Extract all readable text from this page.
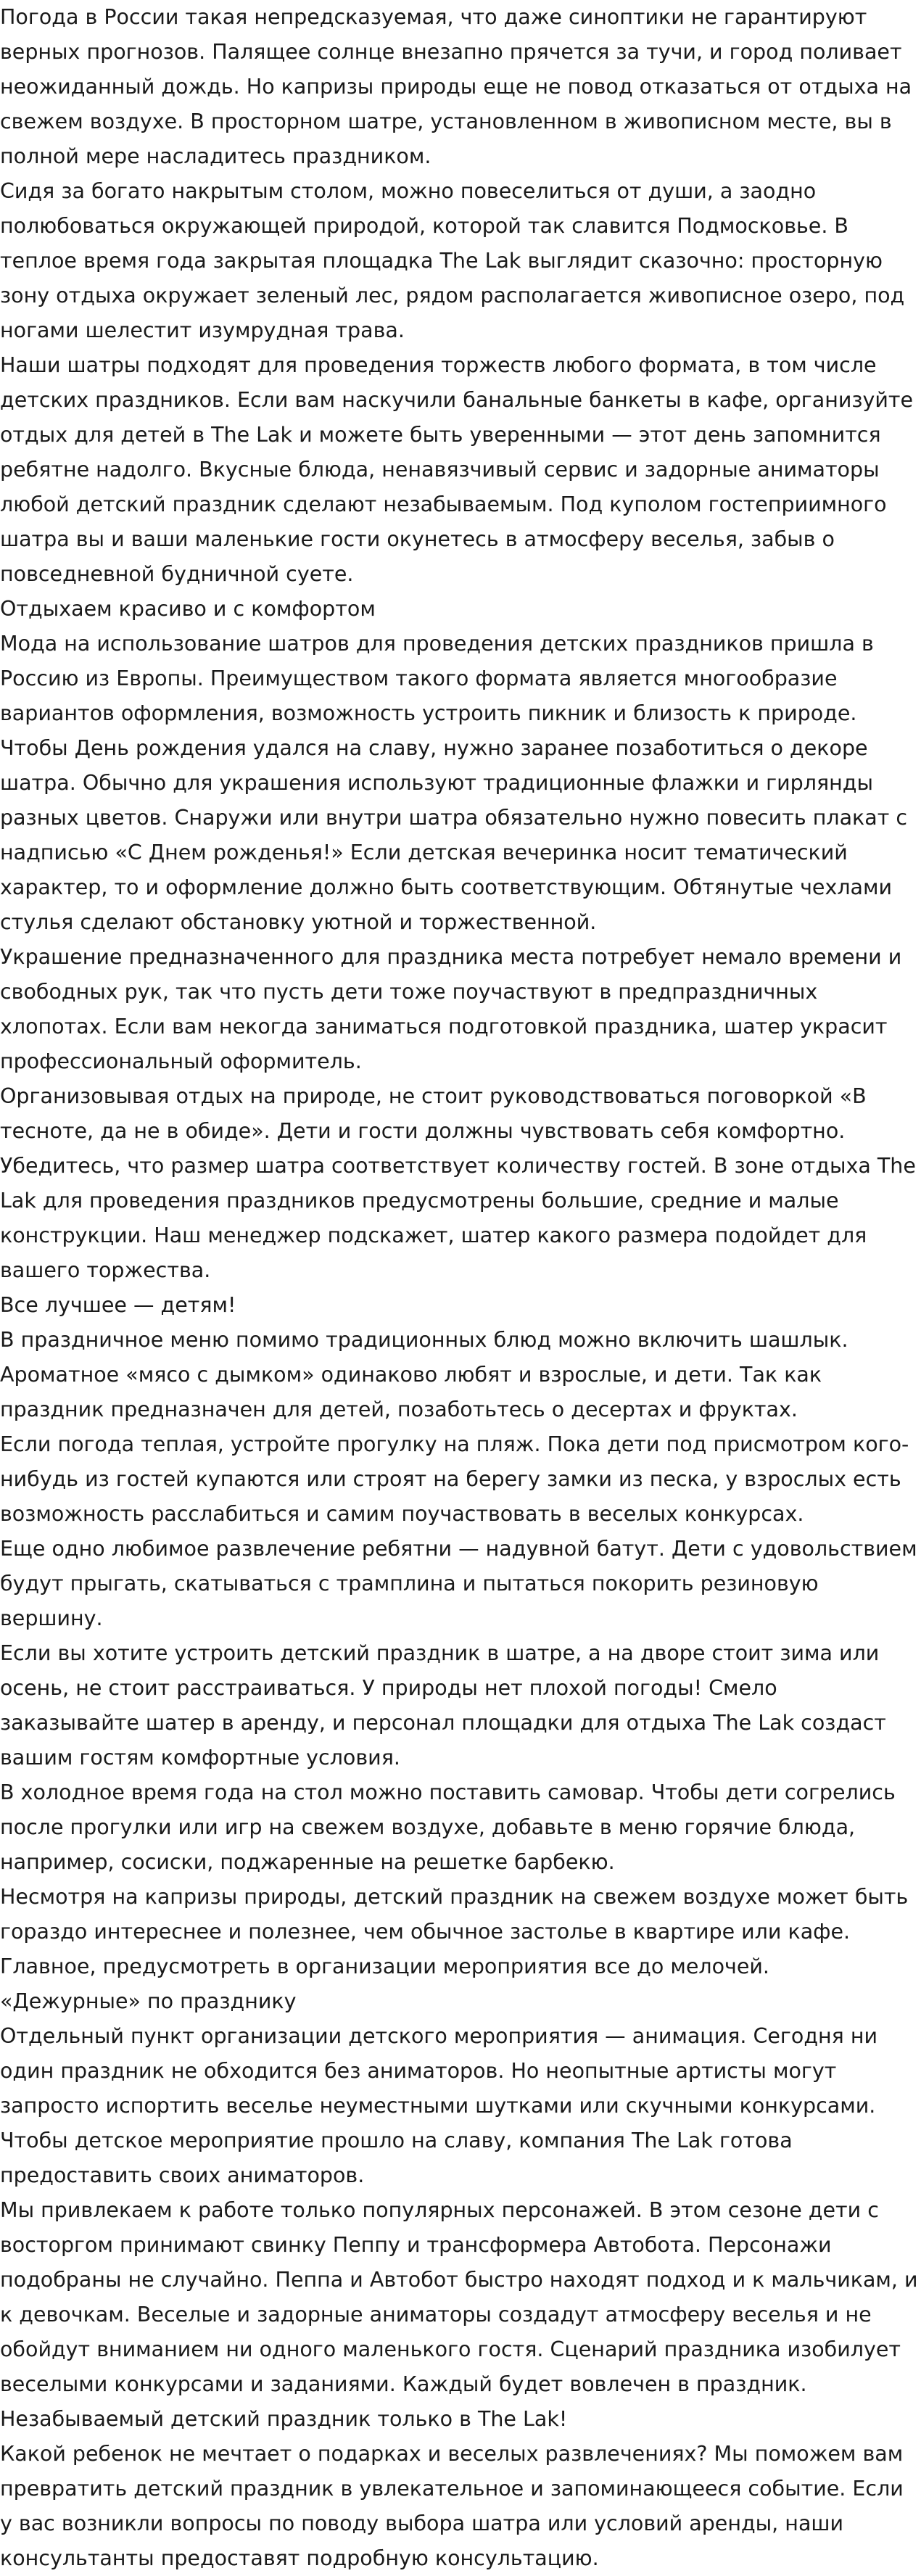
Погода в России такая непредсказуемая, что даже синоптики не гарантируют верных прогнозов. Палящее солнце внезапно прячется за тучи, и город поливает неожиданный дождь. Но капризы природы еще не повод отказаться от отдыха на свежем воздухе. В просторном шатре, установленном в живописном месте, вы в полной мере насладитесь праздником.

Сидя за богато накрытым столом, можно повеселиться от души, а заодно полюбоваться окружающей природой, которой так славится Подмосковье. В теплое время года закрытая площадка The Lak выглядит сказочно: просторную зону отдыха окружает зеленый лес, рядом располагается живописное озеро, под ногами шелестит изумрудная трава.

Наши шатры подходят для проведения торжеств любого формата, в том числе детских праздников. Если вам наскучили банальные банкеты в кафе, организуйте отдых для детей в The Lak и можете быть уверенными — этот день запомнится ребятне надолго. Вкусные блюда, ненавязчивый сервис и задорные аниматоры любой детский праздник сделают незабываемым. Под куполом гостеприимного шатра вы и ваши маленькие гости окунетесь в атмосферу веселья, забыв о повседневной будничной суете.

Отдыхаем красиво и с комфортом

Мода на использование шатров для проведения детских праздников пришла в Россию из Европы. Преимуществом такого формата является многообразие вариантов оформления, возможность устроить пикник и близость к природе.

Чтобы День рождения удался на славу, нужно заранее позаботиться о декоре шатра. Обычно для украшения используют традиционные флажки и гирлянды разных цветов. Снаружи или внутри шатра обязательно нужно повесить плакат с надписью «С Днем рожденья!» Если детская вечеринка носит тематический характер, то и оформление должно быть соответствующим. Обтянутые чехлами стулья сделают обстановку уютной и торжественной.

Украшение предназначенного для праздника места потребует немало времени и свободных рук, так что пусть дети тоже поучаствуют в предпраздничных хлопотах. Если вам некогда заниматься подготовкой праздника, шатер украсит профессиональный оформитель.

Организовывая отдых на природе, не стоит руководствоваться поговоркой «В тесноте, да не в обиде». Дети и гости должны чувствовать себя комфортно. Убедитесь, что размер шатра соответствует количеству гостей. В зоне отдыха The Lak для проведения праздников предусмотрены большие, средние и малые конструкции. Наш менеджер подскажет, шатер какого размера подойдет для вашего торжества.

Все лучшее — детям!

В праздничное меню помимо традиционных блюд можно включить шашлык. Ароматное «мясо с дымком» одинаково любят и взрослые, и дети. Так как праздник предназначен для детей, позаботьтесь о десертах и фруктах.

Если погода теплая, устройте прогулку на пляж. Пока дети под присмотром кого-нибудь из гостей купаются или строят на берегу замки из песка, у взрослых есть возможность расслабиться и самим поучаствовать в веселых конкурсах.

Еще одно любимое развлечение ребятни — надувной батут. Дети с удовольствием будут прыгать, скатываться с трамплина и пытаться покорить резиновую вершину.

Если вы хотите устроить детский праздник в шатре, а на дворе стоит зима или осень, не стоит расстраиваться. У природы нет плохой погоды! Смело заказывайте шатер в аренду, и персонал площадки для отдыха The Lak создаст вашим гостям комфортные условия.

В холодное время года на стол можно поставить самовар. Чтобы дети согрелись после прогулки или игр на свежем воздухе, добавьте в меню горячие блюда, например, сосиски, поджаренные на решетке барбекю.

Несмотря на капризы природы, детский праздник на свежем воздухе может быть гораздо интереснее и полезнее, чем обычное застолье в квартире или кафе. Главное, предусмотреть в организации мероприятия все до мелочей.

«Дежурные» по празднику

Отдельный пункт организации детского мероприятия — анимация. Сегодня ни один праздник не обходится без аниматоров. Но неопытные артисты могут запросто испортить веселье неуместными шутками или скучными конкурсами. Чтобы детское мероприятие прошло на славу, компания The Lak готова предоставить своих аниматоров.

Мы привлекаем к работе только популярных персонажей. В этом сезоне дети с восторгом принимают свинку Пеппу и трансформера Автобота. Персонажи подобраны не случайно. Пеппа и Автобот быстро находят подход и к мальчикам, и к девочкам. Веселые и задорные аниматоры создадут атмосферу веселья и не обойдут вниманием ни одного маленького гостя. Сценарий праздника изобилует веселыми конкурсами и заданиями. Каждый будет вовлечен в праздник.

Незабываемый детский праздник только в The Lak!

Какой ребенок не мечтает о подарках и веселых развлечениях? Мы поможем вам превратить детский праздник в увлекательное и запоминающееся событие. Если у вас возникли вопросы по поводу выбора шатра или условий аренды, наши консультанты предоставят подробную консультацию.
